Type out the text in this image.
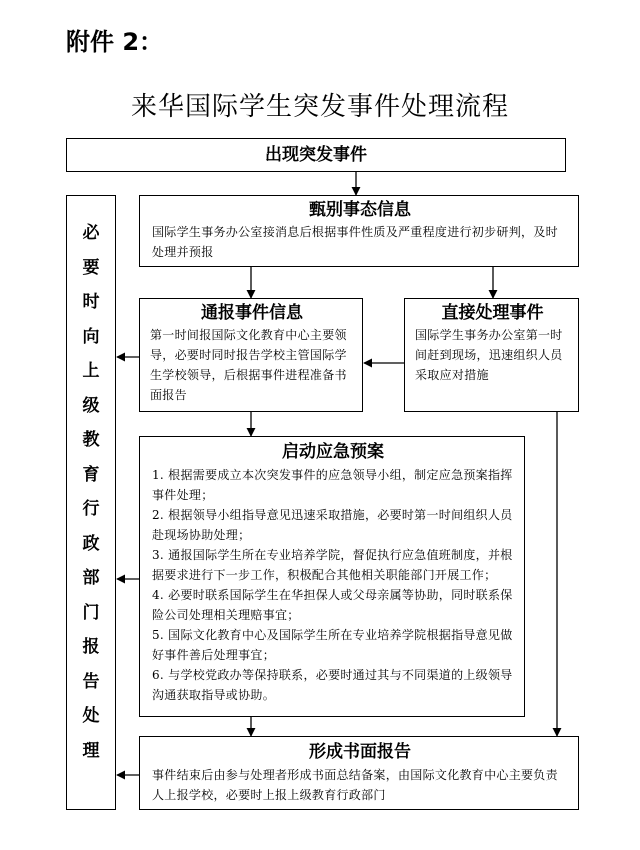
附件 2：
来华国际学生突发事件处理流程
出现突发事件
甄别事态信息
国际学生事务办公室接消息后根据事件性质及严重程度进行初步研判，及时处理并预报
必
要
时
向
上
级
教
育
行
政
部
门
报
告
处
理
通报事件信息
第一时间报国际文化教育中心主要领导，必要时同时报告学校主管国际学生学校领导，后根据事件进程准备书面报告
直接处理事件
国际学生事务办公室第一时间赶到现场，迅速组织人员采取应对措施
启动应急预案
1. 根据需要成立本次突发事件的应急领导小组，制定应急预案指挥事件处理；
2. 根据领导小组指导意见迅速采取措施，必要时第一时间组织人员赴现场协助处理；
3. 通报国际学生所在专业培养学院，督促执行应急值班制度，并根据要求进行下一步工作，积极配合其他相关职能部门开展工作；
4. 必要时联系国际学生在华担保人或父母亲属等协助，同时联系保险公司处理相关理赔事宜；
5. 国际文化教育中心及国际学生所在专业培养学院根据指导意见做好事件善后处理事宜；
6. 与学校党政办等保持联系，必要时通过其与不同渠道的上级领导沟通获取指导或协助。
形成书面报告
事件结束后由参与处理者形成书面总结备案，由国际文化教育中心主要负责人上报学校，必要时上报上级教育行政部门
